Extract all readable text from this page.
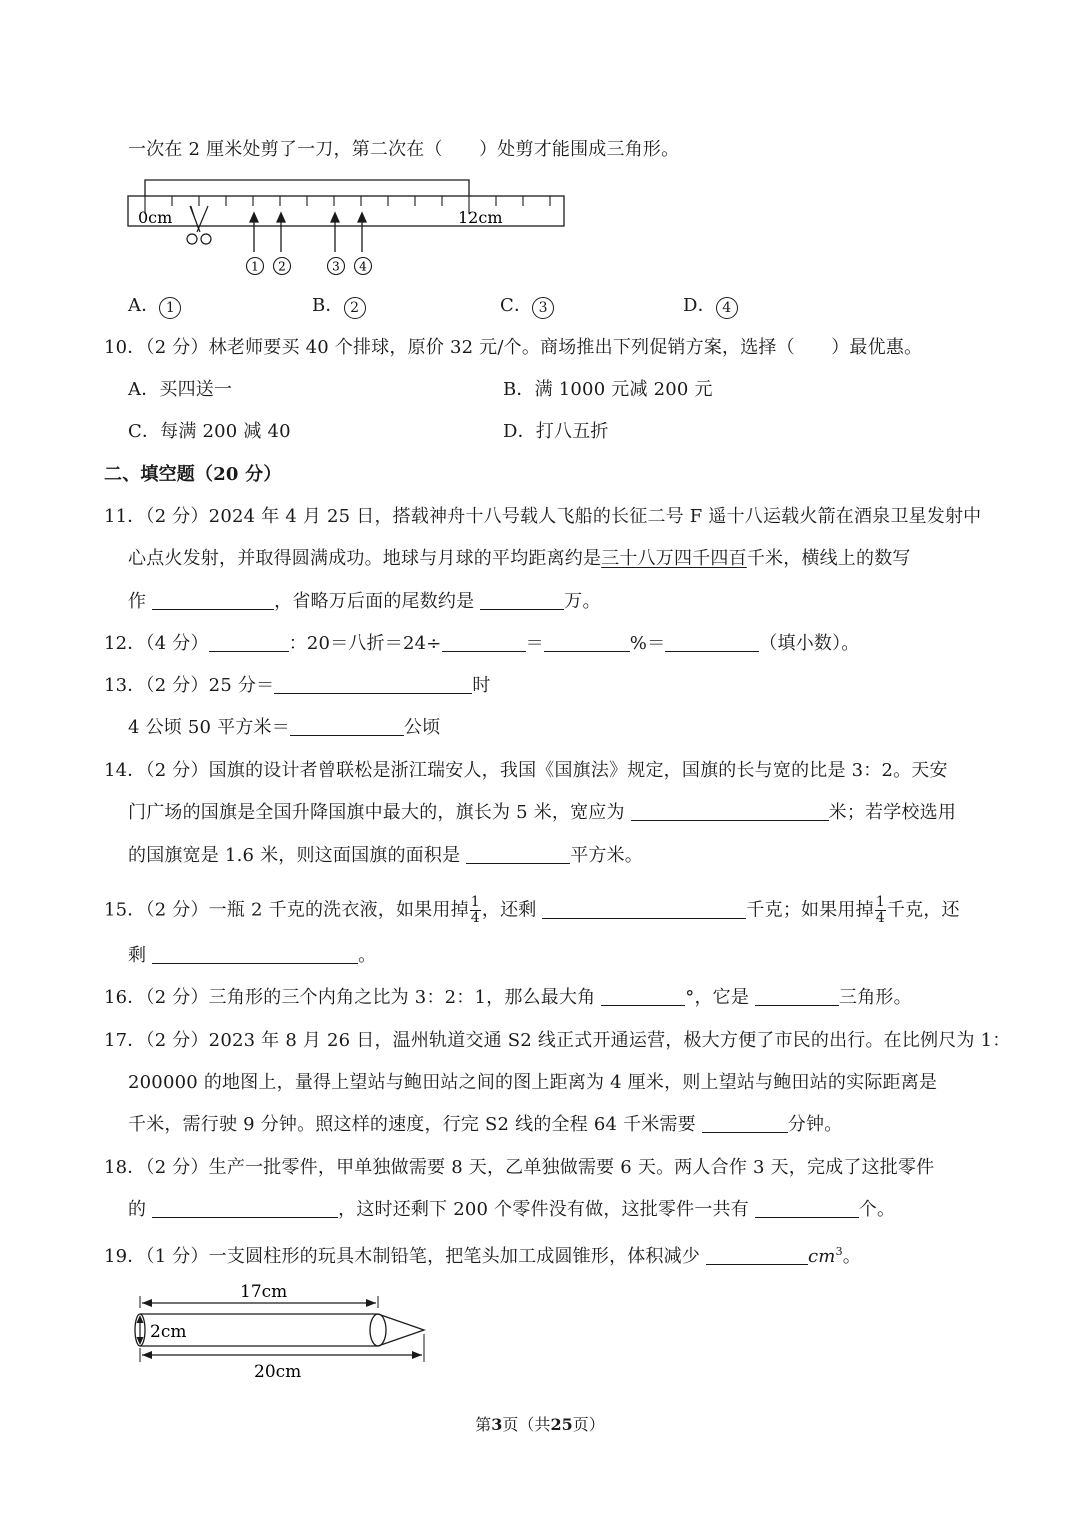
一次在 2 厘米处剪了一刀，第二次在（　　）处剪才能围成三角形。
0cm	12cm
1 2	3 4
A． 1	B． 2	C． 3	D． 4
10．（2 分）林老师要买 40 个排球，原价 32 元/个。商场推出下列促销方案，选择（　　）最优惠。
A．买四送一	B．满 1000 元减 200 元
C．每满 200 减 40	D．打八五折
二、填空题（20 分）
11．（2 分）2024 年 4 月 25 日，搭载神舟十八号载人飞船的长征二号 F 遥十八运载火箭在酒泉卫星发射中
心点火发射，并取得圆满成功。地球与月球的平均距离约是三十八万四千四百千米，横线上的数写
作	，省略万后面的尾数约是	万。
12．（4 分）	：20＝八折＝24÷	＝	%＝	（填小数）。
13．（2 分）25 分＝	时
4 公顷 50 平方米＝	公顷
14．（2 分）国旗的设计者曾联松是浙江瑞安人，我国《国旗法》规定，国旗的长与宽的比是 3：2。天安
门广场的国旗是全国升降国旗中最大的，旗长为 5 米，宽应为	米；若学校选用
的国旗宽是 1.6 米，则这面国旗的面积是	平方米。
15．（2 分）一瓶 2 千克的洗衣液，如果用掉 $\frac{1}{4}$ ，还剩	千克；如果用掉 $\frac{1}{4}$ 千克，还
剩	。
16．（2 分）三角形的三个内角之比为 3：2：1，那么最大角	°，它是	三角形。
17．（2 分）2023 年 8 月 26 日，温州轨道交通 S2 线正式开通运营，极大方便了市民的出行。在比例尺为 1：
200000 的地图上，量得上望站与鲍田站之间的图上距离为 4 厘米，则上望站与鲍田站的实际距离是
千米，需行驶 9 分钟。照这样的速度，行完 S2 线的全程 64 千米需要	分钟。
18．（2 分）生产一批零件，甲单独做需要 8 天，乙单独做需要 6 天。两人合作 3 天，完成了这批零件
的	，这时还剩下 200 个零件没有做，这批零件一共有	个。
19．（1 分）一支圆柱形的玩具木制铅笔，把笔头加工成圆锥形，体积减少	$cm^3$。
17cm
2cm
20cm
第3页（共25页）
